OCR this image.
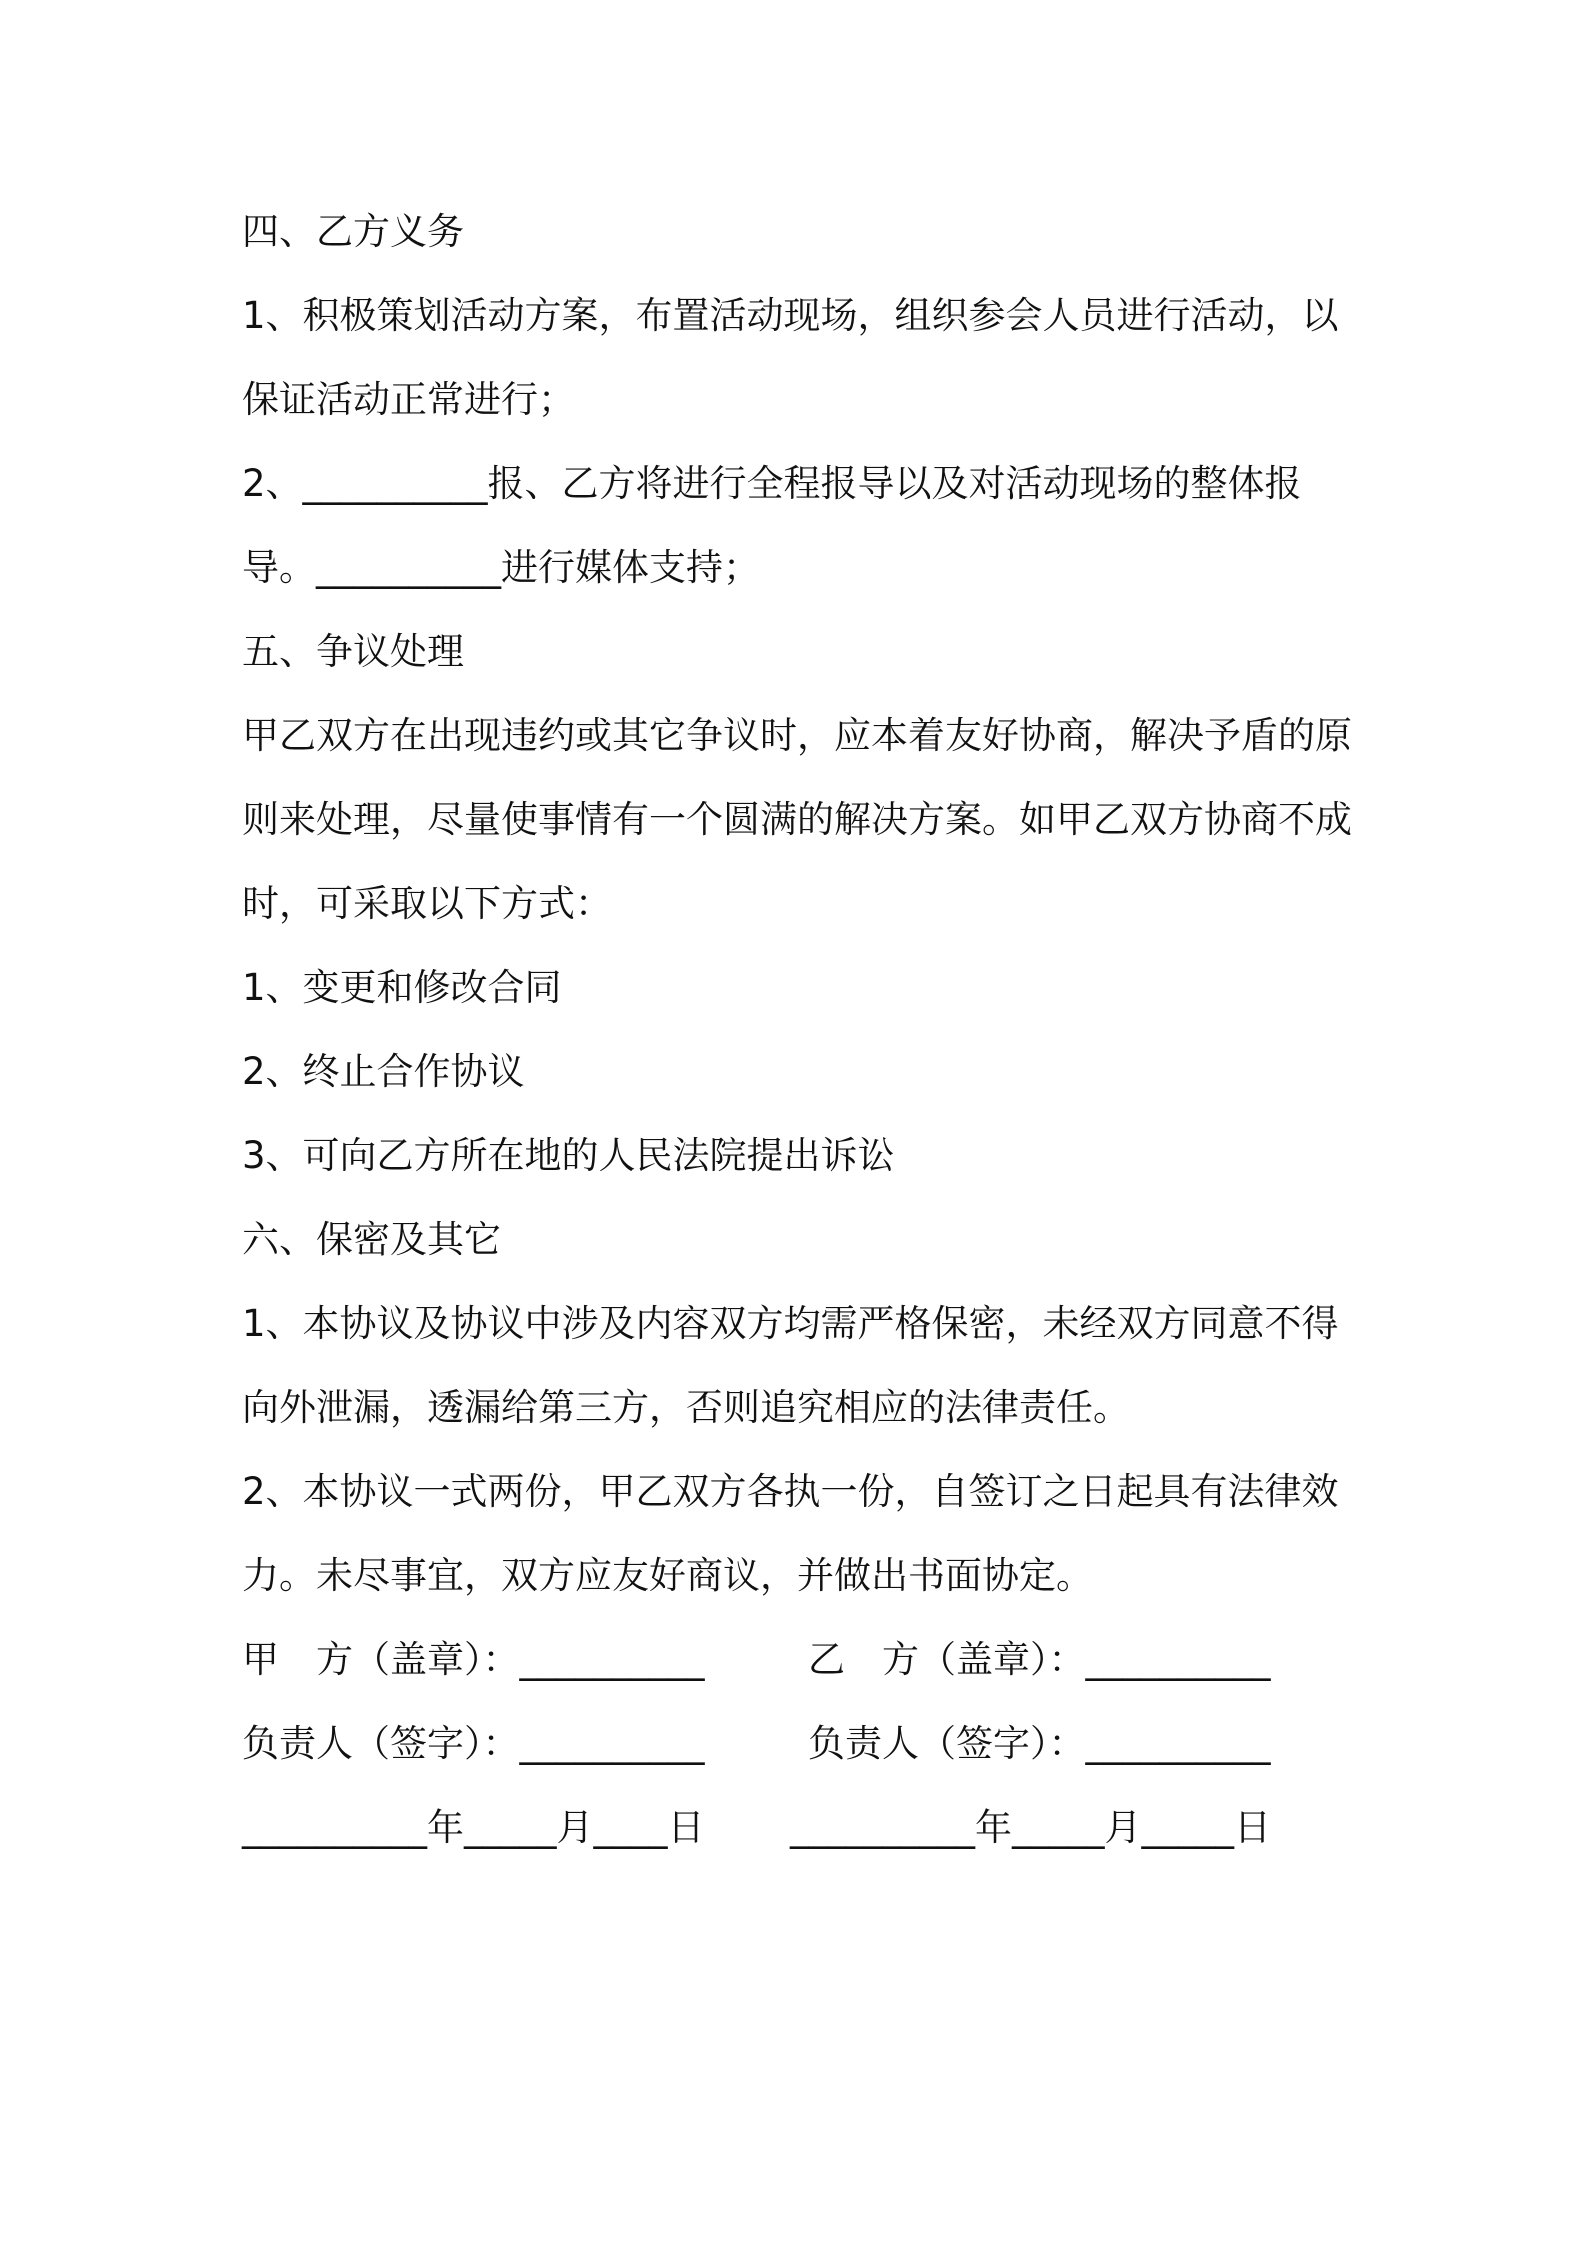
四、乙方义务
1、积极策划活动方案，布置活动现场，组织参会人员进行活动，以
保证活动正常进行；
2、__________报、乙方将进行全程报导以及对活动现场的整体报
导。__________进行媒体支持；
五、争议处理
甲乙双方在出现违约或其它争议时，应本着友好协商，解决予盾的原
则来处理，尽量使事情有一个圆满的解决方案。如甲乙双方协商不成
时，可采取以下方式：
1、变更和修改合同
2、终止合作协议
3、可向乙方所在地的人民法院提出诉讼
六、保密及其它
1、本协议及协议中涉及内容双方均需严格保密，未经双方同意不得
向外泄漏，透漏给第三方，否则追究相应的法律责任。
2、本协议一式两份，甲乙双方各执一份，自签订之日起具有法律效
力。未尽事宜，双方应友好商议，并做出书面协定。
甲　方（盖章）：__________	乙　方（盖章）：__________
负责人（签字）：__________	负责人（签字）：__________
__________年_____月____日 __________年_____月_____日
